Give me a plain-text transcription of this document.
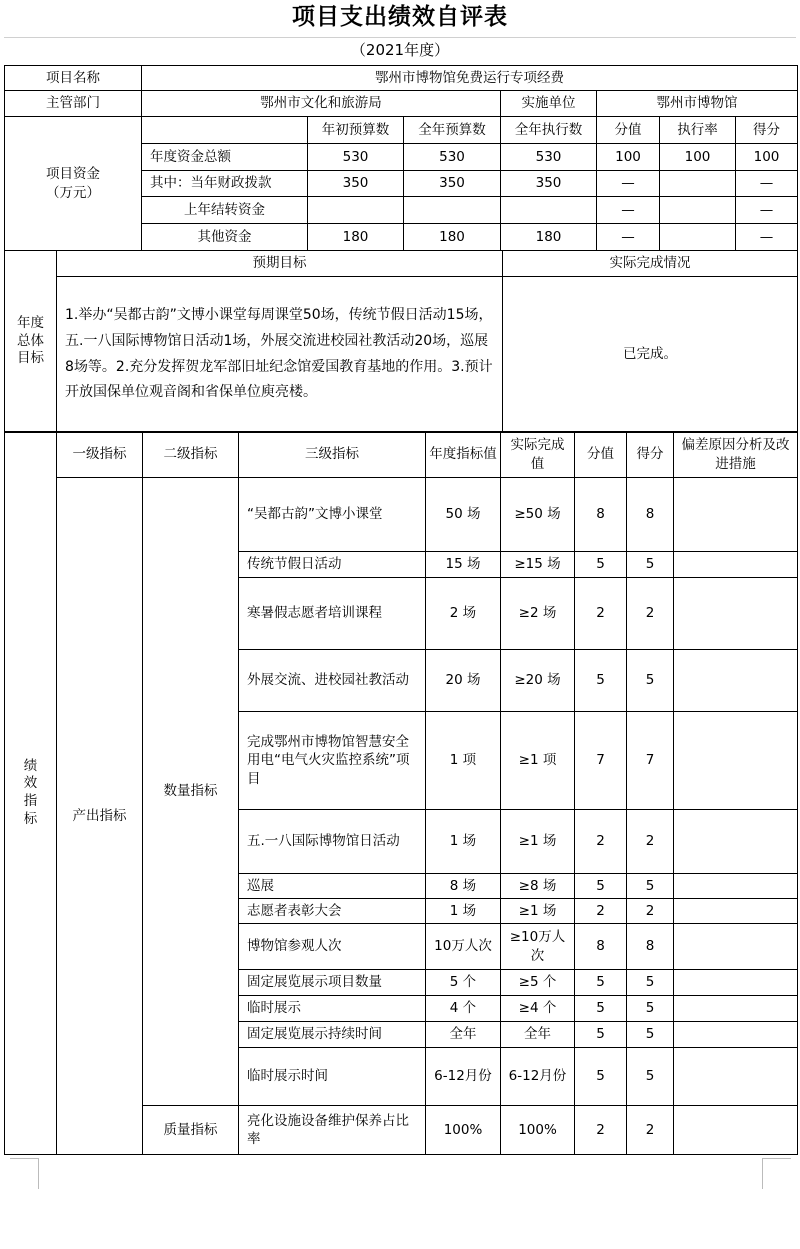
项目支出绩效自评表
（2021年度）
项目名称	鄂州市博物馆免费运行专项经费						
主管部门	鄂州市文化和旅游局			实施单位	鄂州市博物馆		
项目资金
（万元）		年初预算数	全年预算数	全年执行数	分值	执行率	得分
	年度资金总额	530	530	530	100	100	100
	其中：当年财政拨款	350	350	350	—		—
	上年结转资金				—		—
	其他资金	180	180	180	—		—
年度
总体
目标	预期目标	实际完成情况
	1.举办“吴都古韵”文博小课堂每周课堂50场，传统节假日活动15场，五.一八国际博物馆日活动1场，外展交流进校园社教活动20场，巡展8场等。2.充分发挥贺龙军部旧址纪念馆爱国教育基地的作用。3.预计开放国保单位观音阁和省保单位庾亮楼。	已完成。
绩
效
指
标	一级指标	二级指标	三级指标	年度指标值	实际完成值	分值	得分	偏差原因分析及改进措施
	产出指标	数量指标	“吴都古韵”文博小课堂	50 场	≥50 场	8	8	
			传统节假日活动	15 场	≥15 场	5	5	
			寒暑假志愿者培训课程	2 场	≥2 场	2	2	
			外展交流、进校园社教活动	20 场	≥20 场	5	5	
			完成鄂州市博物馆智慧安全用电“电气火灾监控系统”项目	1 项	≥1 项	7	7	
			五.一八国际博物馆日活动	1 场	≥1 场	2	2	
			巡展	8 场	≥8 场	5	5	
			志愿者表彰大会	1 场	≥1 场	2	2	
			博物馆参观人次	10万人次	≥10万人次	8	8	
			固定展览展示项目数量	5 个	≥5 个	5	5	
			临时展示	4 个	≥4 个	5	5	
			固定展览展示持续时间	全年	全年	5	5	
			临时展示时间	6-12月份	6-12月份	5	5	
		质量指标	亮化设施设备维护保养占比率	100%	100%	2	2	
